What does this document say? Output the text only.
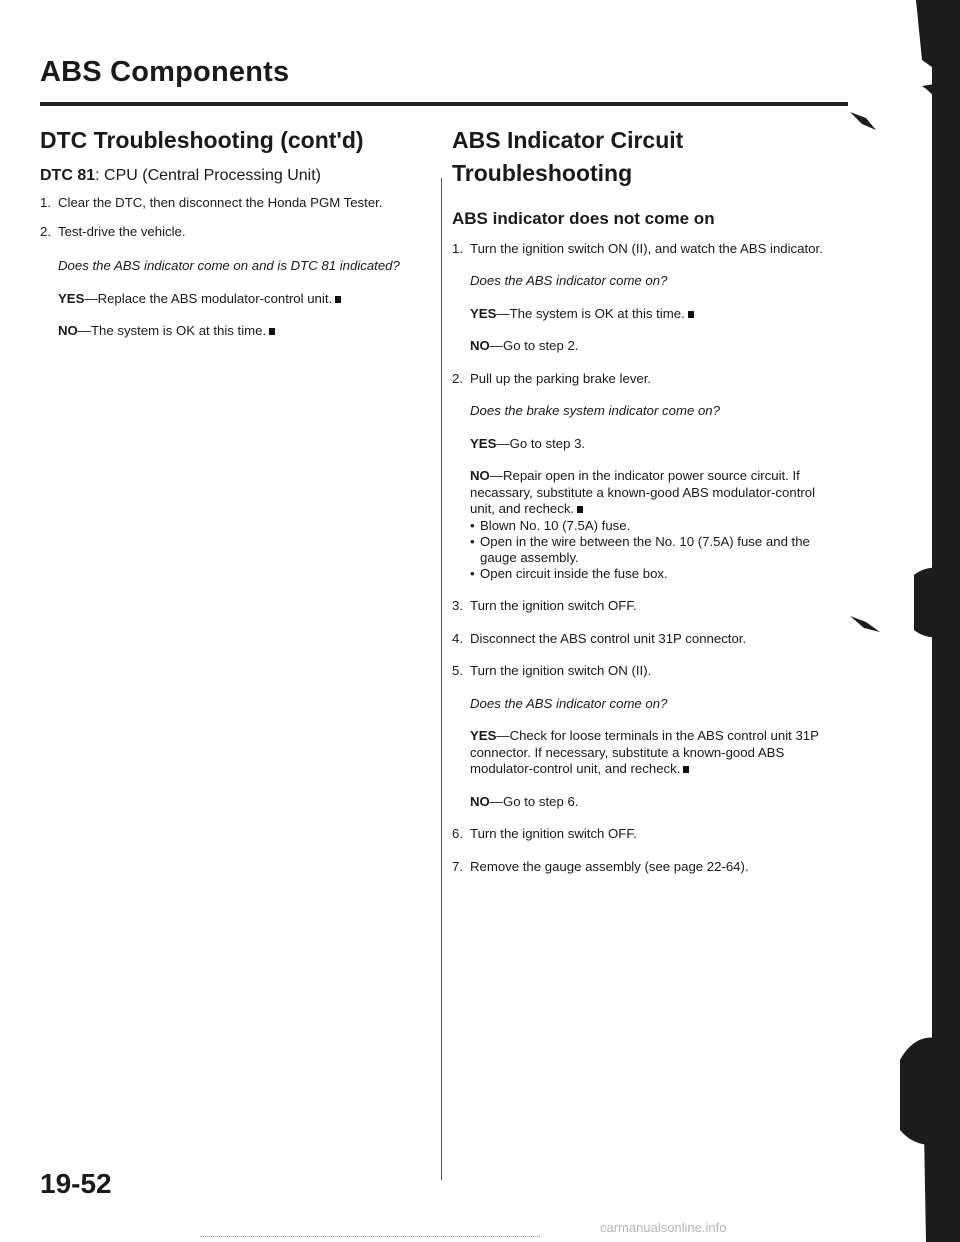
ABS Components
DTC Troubleshooting (cont'd)
DTC 81: CPU (Central Processing Unit)
1. Clear the DTC, then disconnect the Honda PGM Tester.
2. Test-drive the vehicle.
Does the ABS indicator come on and is DTC 81 indicated?
YES—Replace the ABS modulator-control unit.
NO—The system is OK at this time.
ABS Indicator Circuit
Troubleshooting
ABS indicator does not come on
1. Turn the ignition switch ON (II), and watch the ABS indicator.
Does the ABS indicator come on?
YES—The system is OK at this time.
NO—Go to step 2.
2. Pull up the parking brake lever.
Does the brake system indicator come on?
YES—Go to step 3.
NO—Repair open in the indicator power source circuit. If necassary, substitute a known-good ABS modulator-control unit, and recheck.
• Blown No. 10 (7.5A) fuse.
• Open in the wire between the No. 10 (7.5A) fuse and the gauge assembly.
• Open circuit inside the fuse box.
3. Turn the ignition switch OFF.
4. Disconnect the ABS control unit 31P connector.
5. Turn the ignition switch ON (II).
Does the ABS indicator come on?
YES—Check for loose terminals in the ABS control unit 31P connector. If necessary, substitute a known-good ABS modulator-control unit, and recheck.
NO—Go to step 6.
6. Turn the ignition switch OFF.
7. Remove the gauge assembly (see page 22-64).
19-52
carmanualsonline.info
